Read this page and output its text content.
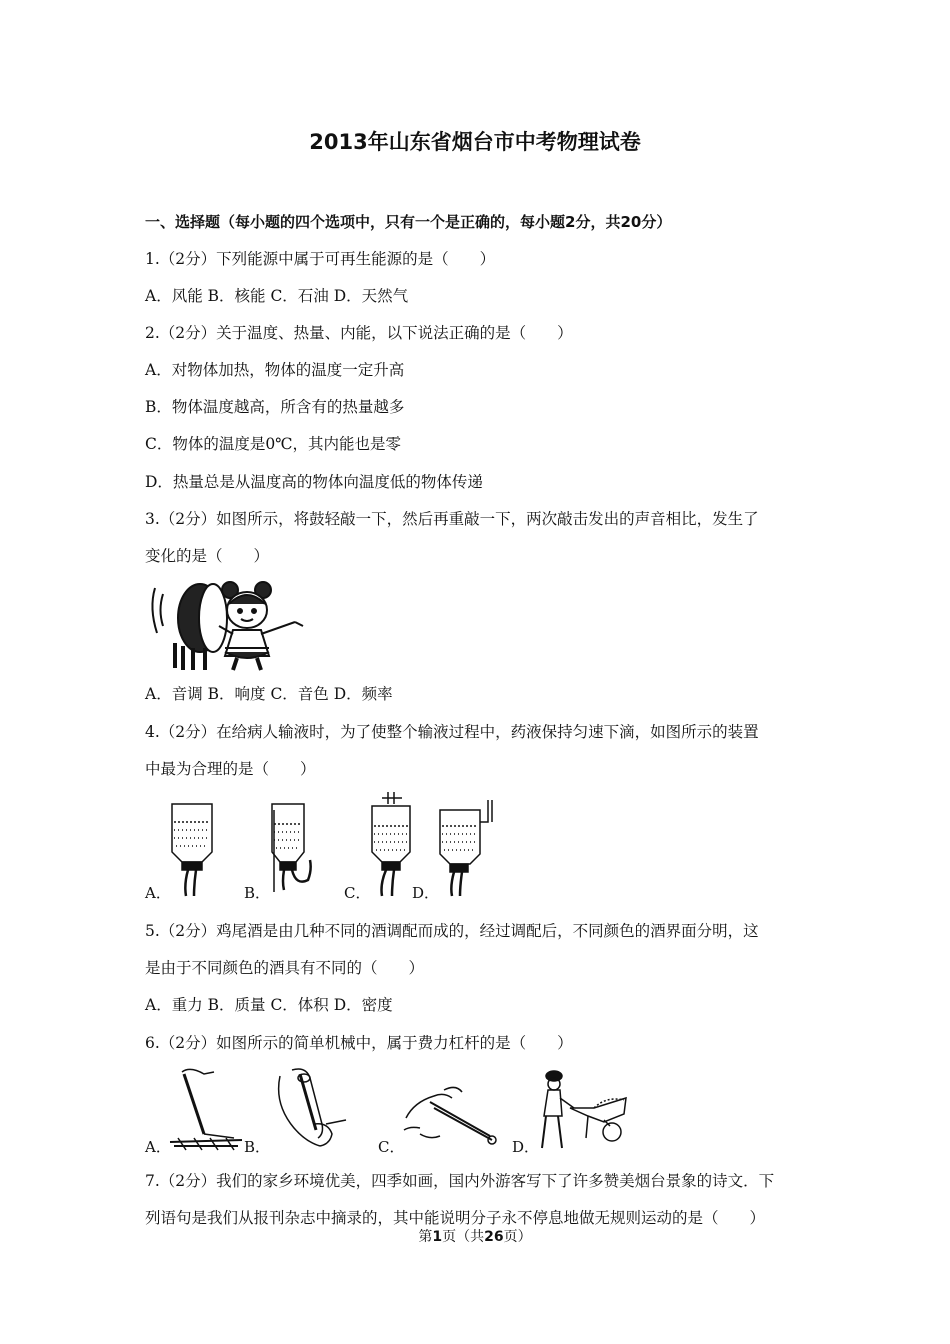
2013年山东省烟台市中考物理试卷
一、选择题（每小题的四个选项中，只有一个是正确的，每小题2分，共20分）
1.（2分）下列能源中属于可再生能源的是（　　）
A．风能 B．核能 C．石油 D．天然气
2.（2分）关于温度、热量、内能，以下说法正确的是（　　）
A．对物体加热，物体的温度一定升高
B．物体温度越高，所含有的热量越多
C．物体的温度是0℃，其内能也是零
D．热量总是从温度高的物体向温度低的物体传递
3.（2分）如图所示，将鼓轻敲一下，然后再重敲一下，两次敲击发出的声音相比，发生了
变化的是（　　）
A．音调 B．响度 C．音色 D．频率
4.（2分）在给病人输液时，为了使整个输液过程中，药液保持匀速下滴，如图所示的装置
中最为合理的是（　　）
A．	B．	C．	D．
5.（2分）鸡尾酒是由几种不同的酒调配而成的，经过调配后，不同颜色的酒界面分明，这
是由于不同颜色的酒具有不同的（　　）
A．重力 B．质量 C．体积 D．密度
6.（2分）如图所示的简单机械中，属于费力杠杆的是（　　）
A．	B．	C．	D．
7.（2分）我们的家乡环境优美，四季如画，国内外游客写下了许多赞美烟台景象的诗文．下
列语句是我们从报刊杂志中摘录的，其中能说明分子永不停息地做无规则运动的是（　　）
第1页（共26页）
